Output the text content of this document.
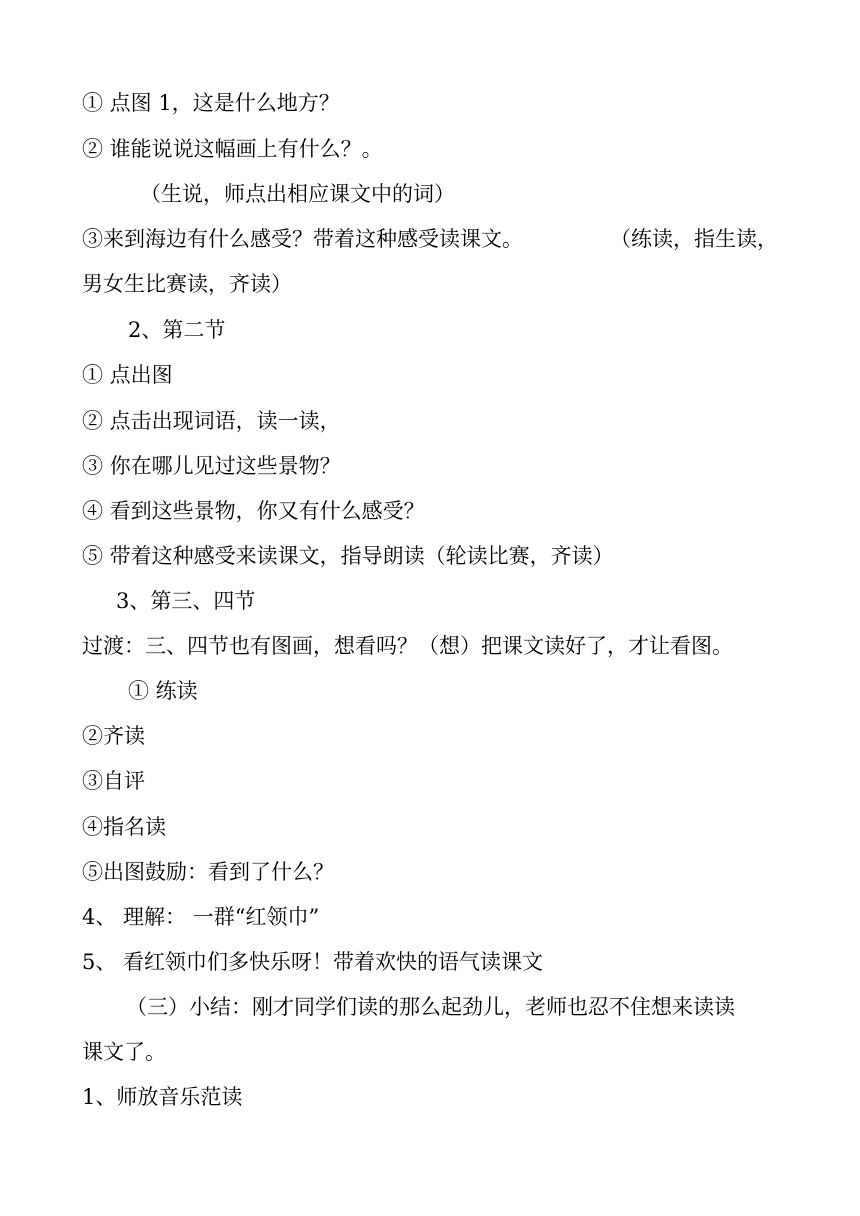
① 点图 1，这是什么地方？
② 谁能说说这幅画上有什么？。
（生说，师点出相应课文中的词）
③来到海边有什么感受？带着这种感受读课文。	（练读，指生读，
男女生比赛读，齐读）
2、第二节
① 点出图
② 点击出现词语，读一读，
③ 你在哪儿见过这些景物？
④ 看到这些景物，你又有什么感受？
⑤ 带着这种感受来读课文，指导朗读（轮读比赛，齐读）
3、第三、四节
过渡：三、四节也有图画，想看吗？（想）把课文读好了，才让看图。
① 练读
②齐读
③自评
④指名读
⑤出图鼓励：看到了什么？
4、 理解： 一群“红领巾”
5、 看红领巾们多快乐呀！带着欢快的语气读课文
（三）小结：刚才同学们读的那么起劲儿，老师也忍不住想来读读
课文了。
1、师放音乐范读
